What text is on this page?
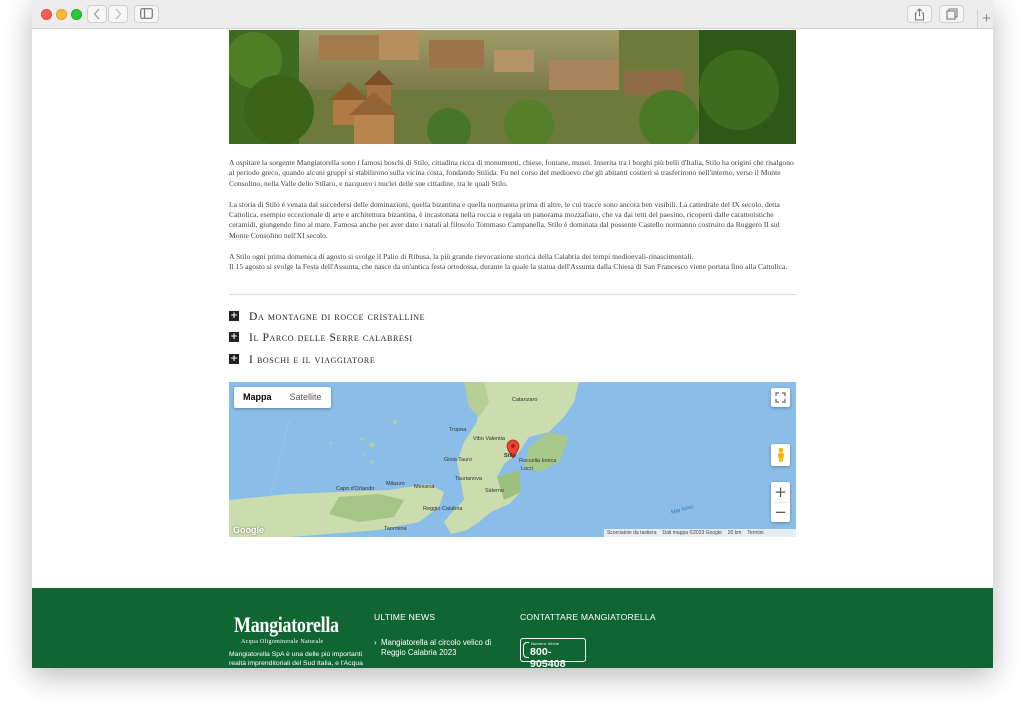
+

A ospitare la sorgente Mangiatorella sono i famosi boschi di Stilo, cittadina ricca di monumenti, chiese, fontane, musei. Inserita tra i borghi più belli d'Italia, Stilo ha origini che risalgono al periodo greco, quando alcuni gruppi si stabilirono sulla vicina costa, fondando Stilida. Fu nel corso del medioevo che gli abitanti costieri si trasferirono nell'interno, verso il Monte Consolino, nella Valle dello Stilaro, e nacquero i nuclei delle sue cittadine, tra le quali Stilo.

La storia di Stilo è venata dal succedersi delle dominazioni, quella bizantina e quella normanna prima di altre, le cui tracce sono ancora ben visibili. La cattedrale del IX secolo, detta Cattolica, esempio eccezionale di arte e architettura bizantina, è incastonata nella roccia e regala un panorama mozzafiato, che va dai tetti del paesino, ricoperti dalle caratteristiche ceramidi, giungendo fino al mare. Famosa anche per aver dato i natali al filosofo Tommaso Campanella, Stilo è dominata dal possente Castello normanno costruito da Ruggero II sul Monte Consolino nell'XI secolo.

A Stilo ogni prima domenica di agosto si svolge il Palio di Ribusa, la più grande rievocazione storica della Calabria dei tempi medioevali-rinascimentali.
Il 15 agosto si svolge la Festa dell'Assunta, che nasce da un'antica festa ortodossa, durante la quale la statua dell'Assunta dalla Chiesa di San Francesco viene portata fino alla Cattolica.

+ Da montagne di rocce cristalline
+ Il Parco delle Serre calabresi
+ I boschi e il viaggiatore
Catanzaro
Tropea
Vibo Valentia
Gioia Tauro
Locri
Milazzo Messina
Taurianova
Reggio Calabria
Capo d'Orlando
Taormina
Roccella Ionica
Siderno
Mar Ionio
Stilo
Mappa	Satellite
+
−
Google	Scorciatoie da tastiera Dati mappa ©2023 Google 20 km Termini
Mangiatorella
Acqua Oligominerale Naturale
Mangiatorella SpA è una delle più importanti realtà imprenditoriali del Sud Italia, e l'Acqua
ULTIME NEWS
› Mangiatorella al circolo velico di Reggio Calabria 2023
CONTATTARE MANGIATORELLA
Numero Verde
800-905408
